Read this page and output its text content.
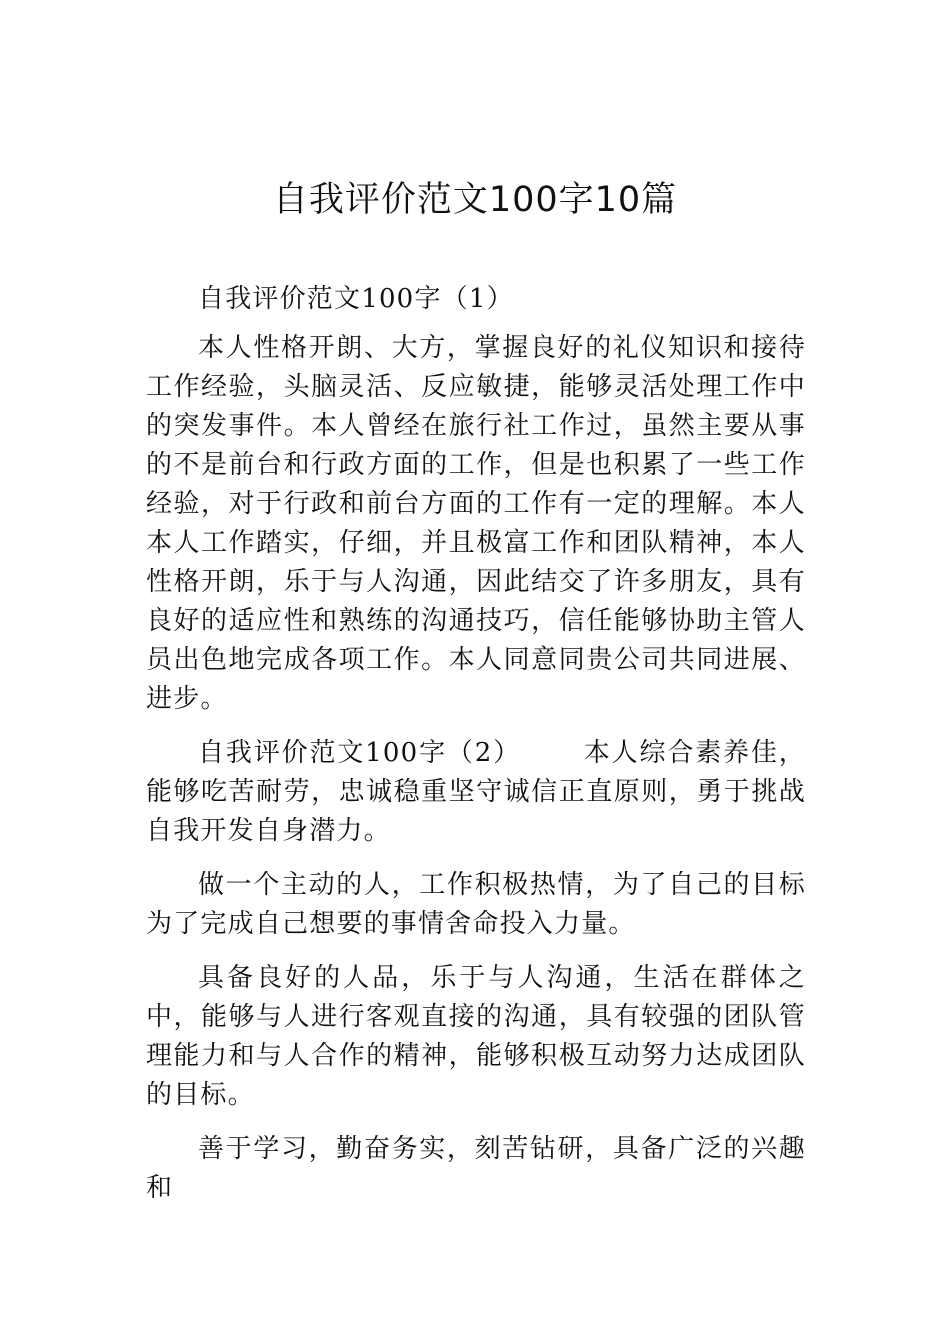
自我评价范文100字10篇

自我评价范文100字（1）

本人性格开朗、大方，掌握良好的礼仪知识和接待工作经验，头脑灵活、反应敏捷，能够灵活处理工作中的突发事件。本人曾经在旅行社工作过，虽然主要从事的不是前台和行政方面的工作，但是也积累了一些工作经验，对于行政和前台方面的工作有一定的理解。本人本人工作踏实，仔细，并且极富工作和团队精神，本人性格开朗，乐于与人沟通，因此结交了许多朋友，具有良好的适应性和熟练的沟通技巧，信任能够协助主管人员出色地完成各项工作。本人同意同贵公司共同进展、进步。

自我评价范文100字（2） 本人综合素养佳，能够吃苦耐劳，忠诚稳重坚守诚信正直原则，勇于挑战自我开发自身潜力。

做一个主动的人，工作积极热情，为了自己的目标为了完成自己想要的事情舍命投入力量。

具备良好的人品，乐于与人沟通，生活在群体之中，能够与人进行客观直接的沟通，具有较强的团队管理能力和与人合作的精神，能够积极互动努力达成团队的目标。

善于学习，勤奋务实，刻苦钻研，具备广泛的兴趣和
